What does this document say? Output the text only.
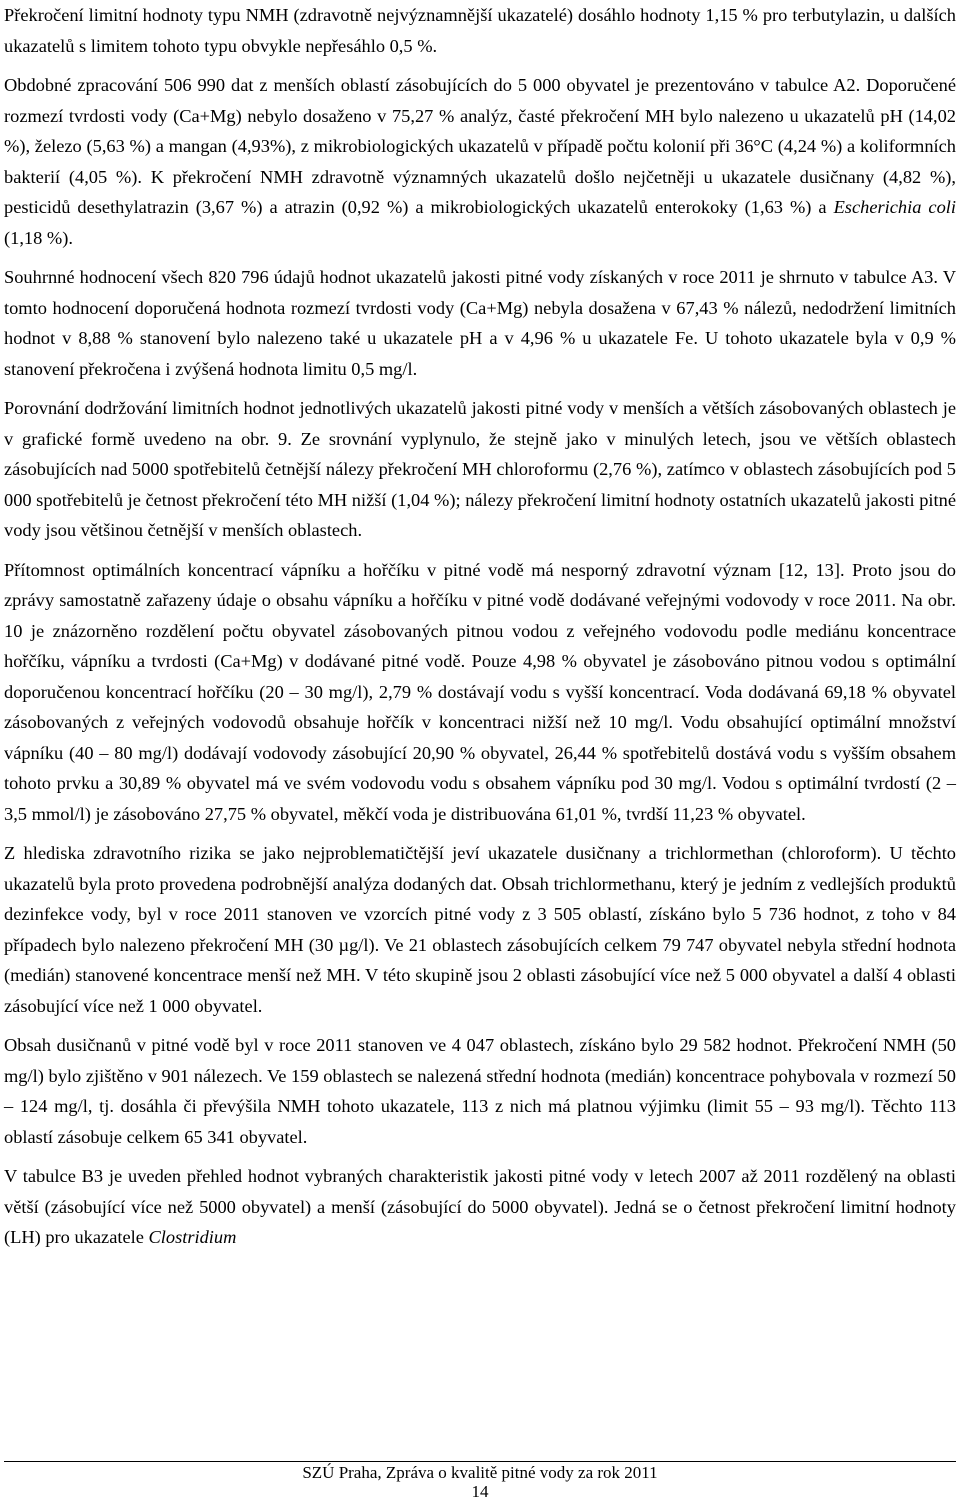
Překročení limitní hodnoty typu NMH (zdravotně nejvýznamnější ukazatelé) dosáhlo hodnoty 1,15 % pro terbutylazin, u dalších ukazatelů s limitem tohoto typu obvykle nepřesáhlo 0,5 %.

Obdobné zpracování 506 990 dat z menších oblastí zásobujících do 5 000 obyvatel je prezentováno v tabulce A2. Doporučené rozmezí tvrdosti vody (Ca+Mg) nebylo dosaženo v 75,27 % analýz, časté překročení MH bylo nalezeno u ukazatelů pH (14,02 %), železo (5,63 %) a mangan (4,93%), z mikrobiologických ukazatelů v případě počtu kolonií při 36°C (4,24 %) a koliformních bakterií (4,05 %). K překročení NMH zdravotně významných ukazatelů došlo nejčetněji u ukazatele dusičnany (4,82 %), pesticidů desethylatrazin (3,67 %) a atrazin (0,92 %) a mikrobiologických ukazatelů enterokoky (1,63 %) a Escherichia coli (1,18 %).

Souhrnné hodnocení všech 820 796 údajů hodnot ukazatelů jakosti pitné vody získaných v roce 2011 je shrnuto v tabulce A3. V tomto hodnocení doporučená hodnota rozmezí tvrdosti vody (Ca+Mg) nebyla dosažena v 67,43 % nálezů, nedodržení limitních hodnot v 8,88 % stanovení bylo nalezeno také u ukazatele pH a v 4,96 % u ukazatele Fe. U tohoto ukazatele byla v 0,9 % stanovení překročena i zvýšená hodnota limitu 0,5 mg/l.

Porovnání dodržování limitních hodnot jednotlivých ukazatelů jakosti pitné vody v menších a větších zásobovaných oblastech je v grafické formě uvedeno na obr. 9. Ze srovnání vyplynulo, že stejně jako v minulých letech, jsou ve větších oblastech zásobujících nad 5000 spotřebitelů četnější nálezy překročení MH chloroformu (2,76 %), zatímco v oblastech zásobujících pod 5 000 spotřebitelů je četnost překročení této MH nižší (1,04 %); nálezy překročení limitní hodnoty ostatních ukazatelů jakosti pitné vody jsou většinou četnější v menších oblastech.

Přítomnost optimálních koncentrací vápníku a hořčíku v pitné vodě má nesporný zdravotní význam [12, 13]. Proto jsou do zprávy samostatně zařazeny údaje o obsahu vápníku a hořčíku v pitné vodě dodávané veřejnými vodovody v roce 2011. Na obr. 10 je znázorněno rozdělení počtu obyvatel zásobovaných pitnou vodou z veřejného vodovodu podle mediánu koncentrace hořčíku, vápníku a tvrdosti (Ca+Mg) v dodávané pitné vodě. Pouze 4,98 % obyvatel je zásobováno pitnou vodou s optimální doporučenou koncentrací hořčíku (20 – 30 mg/l), 2,79 % dostávají vodu s vyšší koncentrací. Voda dodávaná 69,18 % obyvatel zásobovaných z veřejných vodovodů obsahuje hořčík v koncentraci nižší než 10 mg/l. Vodu obsahující optimální množství vápníku (40 – 80 mg/l) dodávají vodovody zásobující 20,90 % obyvatel, 26,44 % spotřebitelů dostává vodu s vyšším obsahem tohoto prvku a 30,89 % obyvatel má ve svém vodovodu vodu s obsahem vápníku pod 30 mg/l. Vodou s optimální tvrdostí (2 – 3,5 mmol/l) je zásobováno 27,75 % obyvatel, měkčí voda je distribuována 61,01 %, tvrdší 11,23 % obyvatel.

Z hlediska zdravotního rizika se jako nejproblematičtější jeví ukazatele dusičnany a trichlormethan (chloroform). U těchto ukazatelů byla proto provedena podrobnější analýza dodaných dat. Obsah trichlormethanu, který je jedním z vedlejších produktů dezinfekce vody, byl v roce 2011 stanoven ve vzorcích pitné vody z 3 505 oblastí, získáno bylo 5 736 hodnot, z toho v 84 případech bylo nalezeno překročení MH (30 µg/l). Ve 21 oblastech zásobujících celkem 79 747 obyvatel nebyla střední hodnota (medián) stanovené koncentrace menší než MH. V této skupině jsou 2 oblasti zásobující více než 5 000 obyvatel a další 4 oblasti zásobující více než 1 000 obyvatel.

Obsah dusičnanů v pitné vodě byl v roce 2011 stanoven ve 4 047 oblastech, získáno bylo 29 582 hodnot. Překročení NMH (50 mg/l) bylo zjištěno v 901 nálezech. Ve 159 oblastech se nalezená střední hodnota (medián) koncentrace pohybovala v rozmezí 50 – 124 mg/l, tj. dosáhla či převýšila NMH tohoto ukazatele, 113 z nich má platnou výjimku (limit 55 – 93 mg/l). Těchto 113 oblastí zásobuje celkem 65 341 obyvatel.

V tabulce B3 je uveden přehled hodnot vybraných charakteristik jakosti pitné vody v letech 2007 až 2011 rozdělený na oblasti větší (zásobující více než 5000 obyvatel) a menší (zásobující do 5000 obyvatel). Jedná se o četnost překročení limitní hodnoty (LH) pro ukazatele Clostridium

SZÚ Praha, Zpráva o kvalitě pitné vody za rok 2011
14
